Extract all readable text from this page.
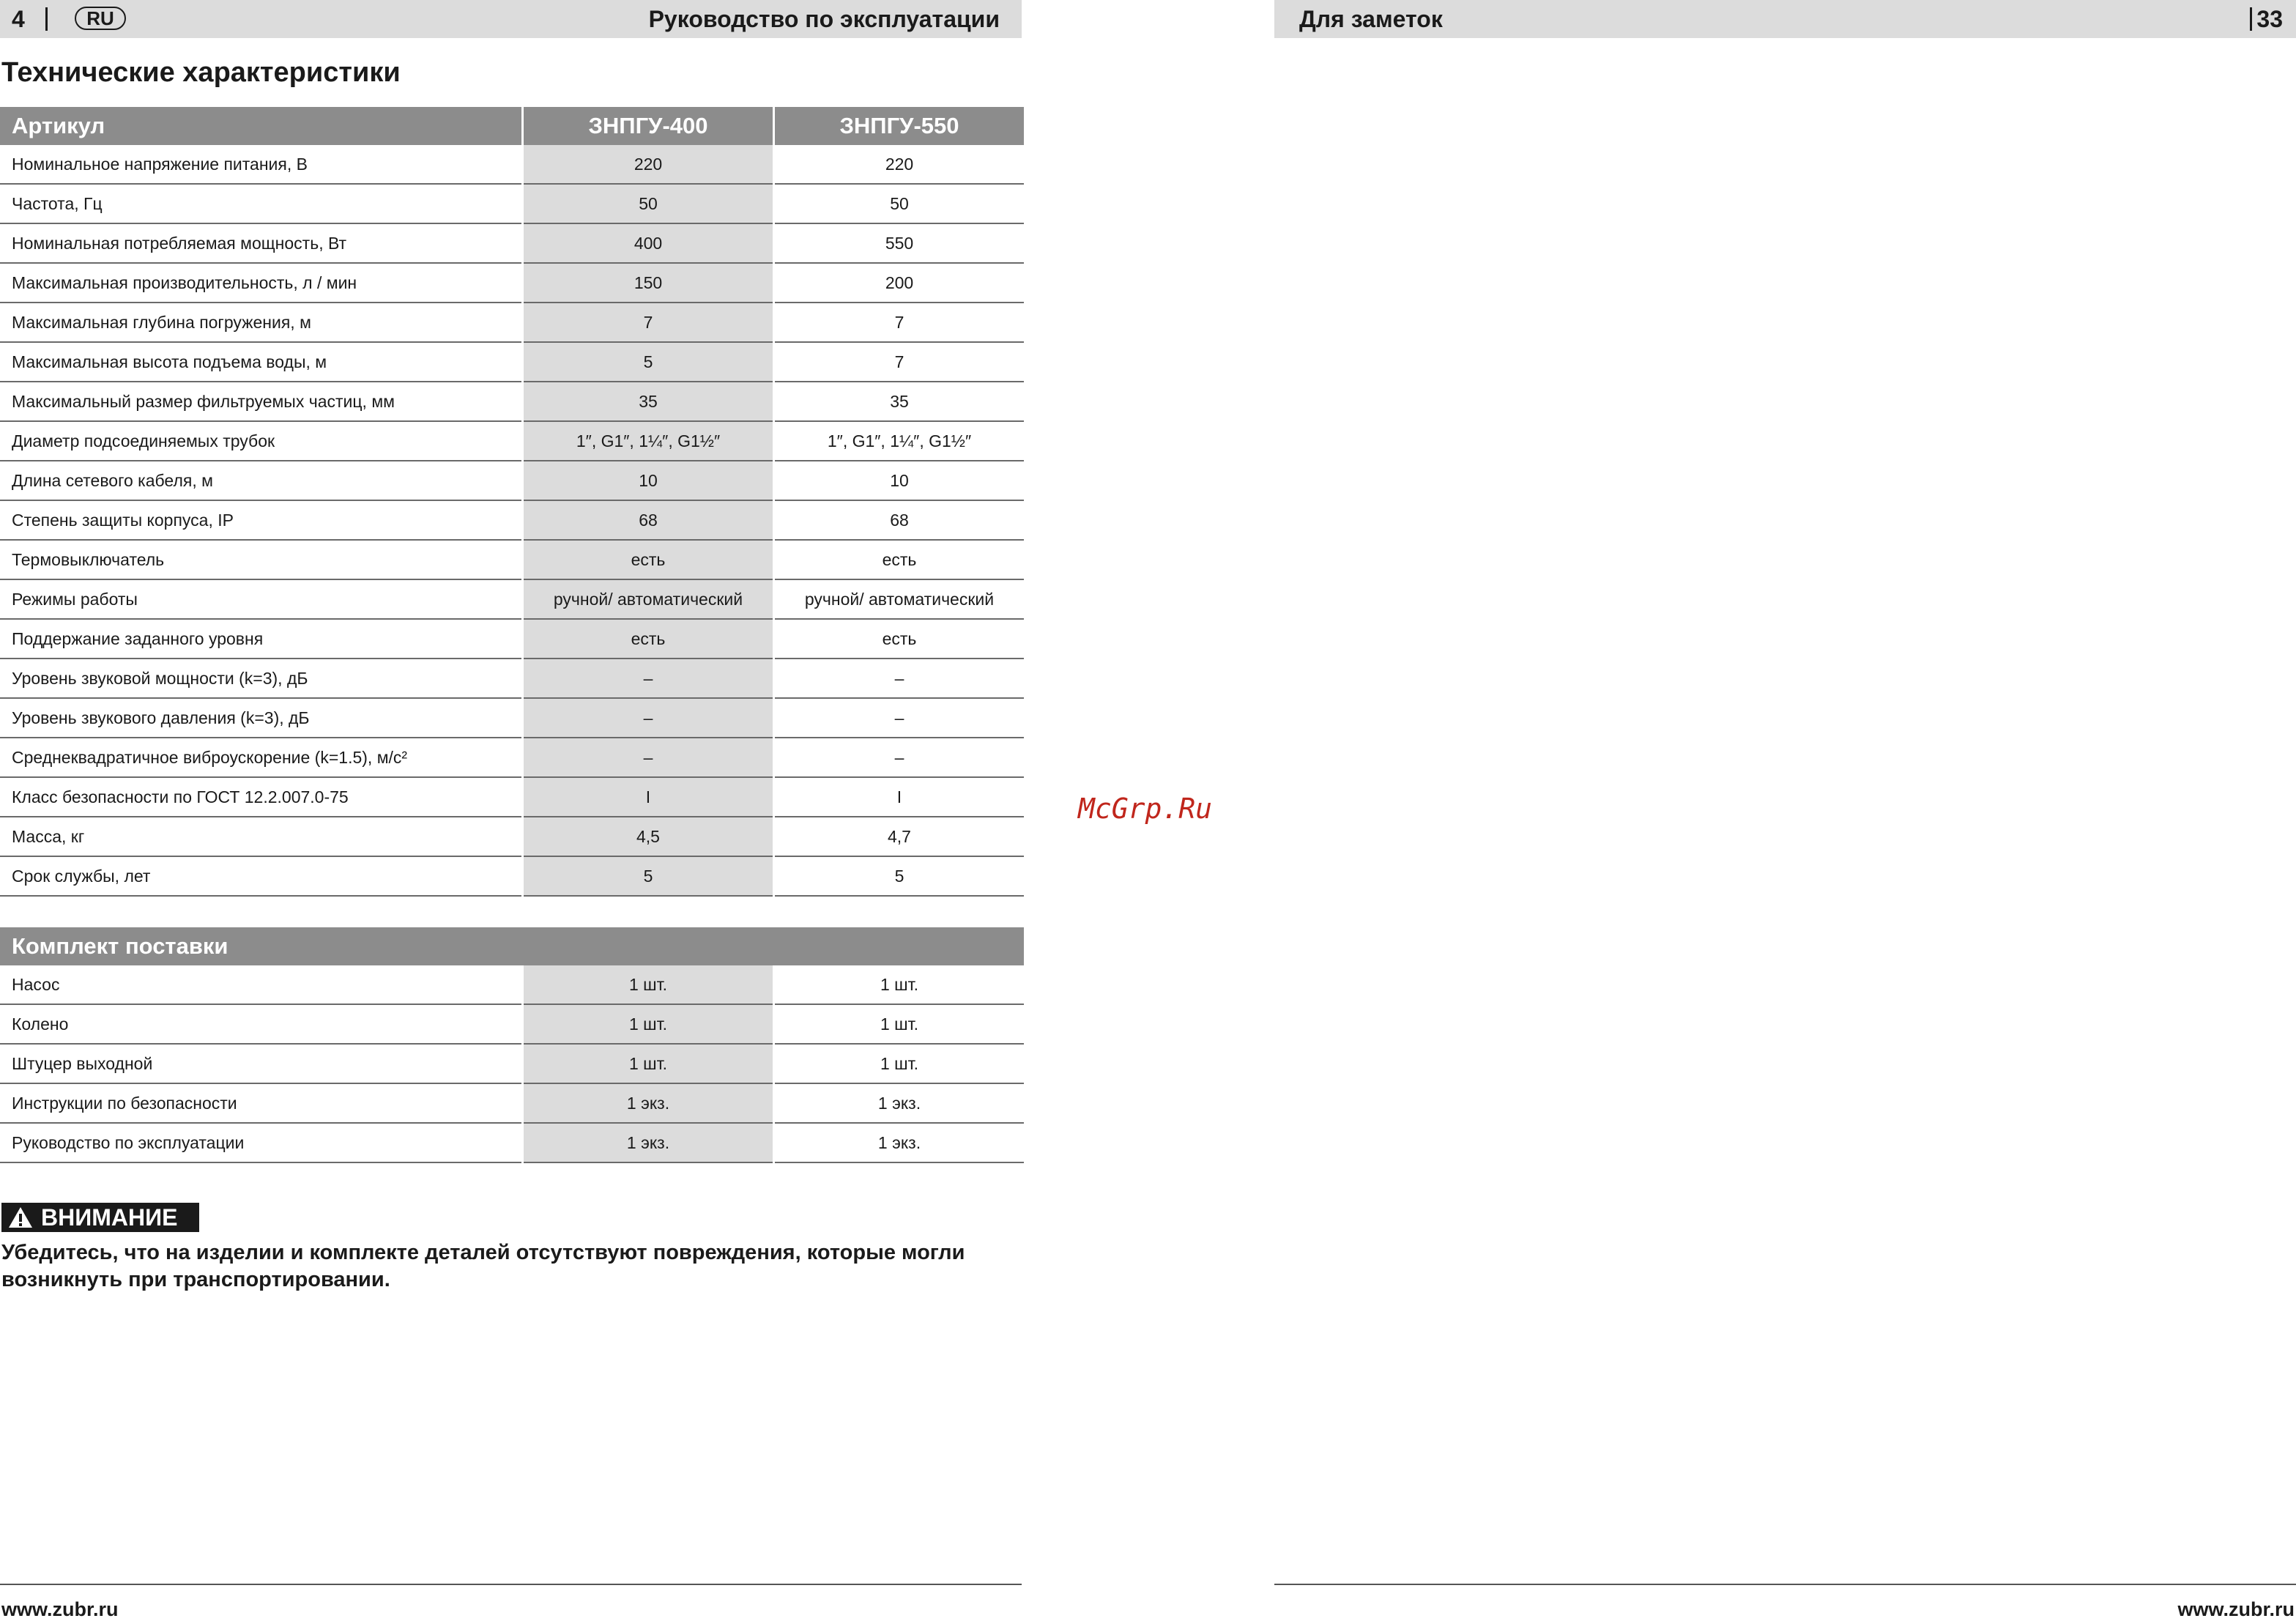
4	RU	Руководство по эксплуатации
Технические характеристики
Артикул	ЗНПГУ-400	ЗНПГУ-550
Номинальное напряжение питания, В	220	220
Частота, Гц	50	50
Номинальная потребляемая мощность, Вт	400	550
Максимальная производительность, л / мин	150	200
Максимальная глубина погружения, м	7	7
Максимальная высота подъема воды, м	5	7
Максимальный размер фильтруемых частиц, мм	35	35
Диаметр подсоединяемых трубок	1″, G1″, 1¼″, G1½″	1″, G1″, 1¼″, G1½″
Длина сетевого кабеля, м	10	10
Степень защиты корпуса, IP	68	68
Термовыключатель	есть	есть
Режимы работы	ручной/ автоматический	ручной/ автоматический
Поддержание заданного уровня	есть	есть
Уровень звуковой мощности (k=3), дБ	–	–
Уровень звукового давления (k=3), дБ	–	–
Среднеквадратичное виброускорение (k=1.5), м/с²	–	–
Класс безопасности по ГОСТ 12.2.007.0-75	I	I
Масса, кг	4,5	4,7
Срок службы, лет	5	5
Комплект поставки		
Насос	1 шт.	1 шт.
Колено	1 шт.	1 шт.
Штуцер выходной	1 шт.	1 шт.
Инструкции по безопасности	1 экз.	1 экз.
Руководство по эксплуатации	1 экз.	1 экз.
ВНИМАНИЕ

Убедитесь, что на изделии и комплекте деталей отсутствуют повреждения, которые могли возникнуть при транспортировании.

www.zubr.ru
McGrp.Ru
Для заметок	33
www.zubr.ru
